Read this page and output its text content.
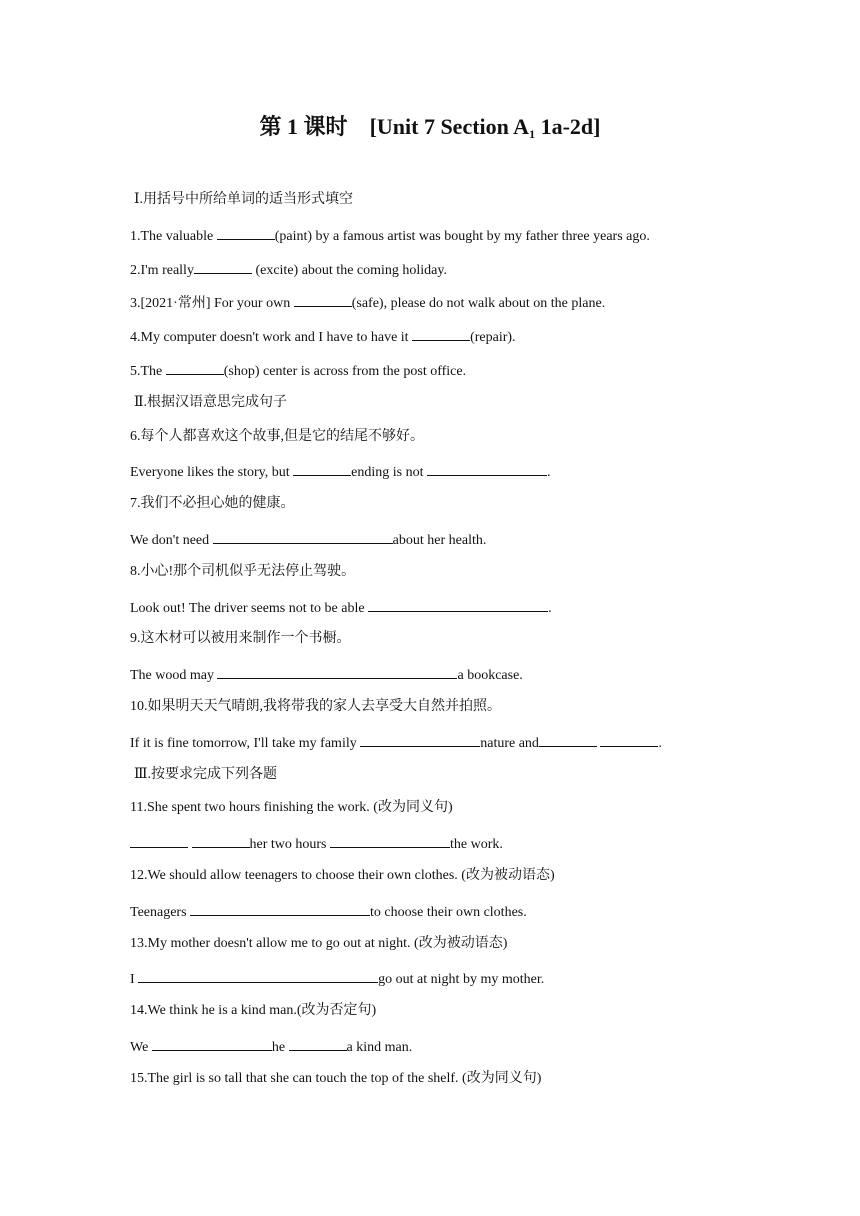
第 1 课时 [Unit 7 Section $A_1$ 1a-2d]
Ⅰ.用括号中所给单词的适当形式填空
1.The valuable	(paint) by a famous artist was bought by my father three years ago.
2.I'm really	(excite) about the coming holiday.
3.[2021·常州] For your own	(safe), please do not walk about on the plane.
4.My computer doesn't work and I have to have it	(repair).
5.The	(shop) center is across from the post office.
Ⅱ.根据汉语意思完成句子
6.每个人都喜欢这个故事,但是它的结尾不够好。
Everyone likes the story, but	ending is not	.
7.我们不必担心她的健康。
We don't need	about her health.
8.小心!那个司机似乎无法停止驾驶。
Look out! The driver seems not to be able	.
9.这木材可以被用来制作一个书橱。
The wood may	a bookcase.
10.如果明天天气晴朗,我将带我的家人去享受大自然并拍照。
If it is fine tomorrow, I'll take my family	nature and	.
Ⅲ.按要求完成下列各题
11.She spent two hours finishing the work. (改为同义句)
her two hours	the work.
12.We should allow teenagers to choose their own clothes. (改为被动语态)
Teenagers	to choose their own clothes.
13.My mother doesn't allow me to go out at night. (改为被动语态)
I	go out at night by my mother.
14.We think he is a kind man.(改为否定句)
We	he	a kind man.
15.The girl is so tall that she can touch the top of the shelf. (改为同义句)
